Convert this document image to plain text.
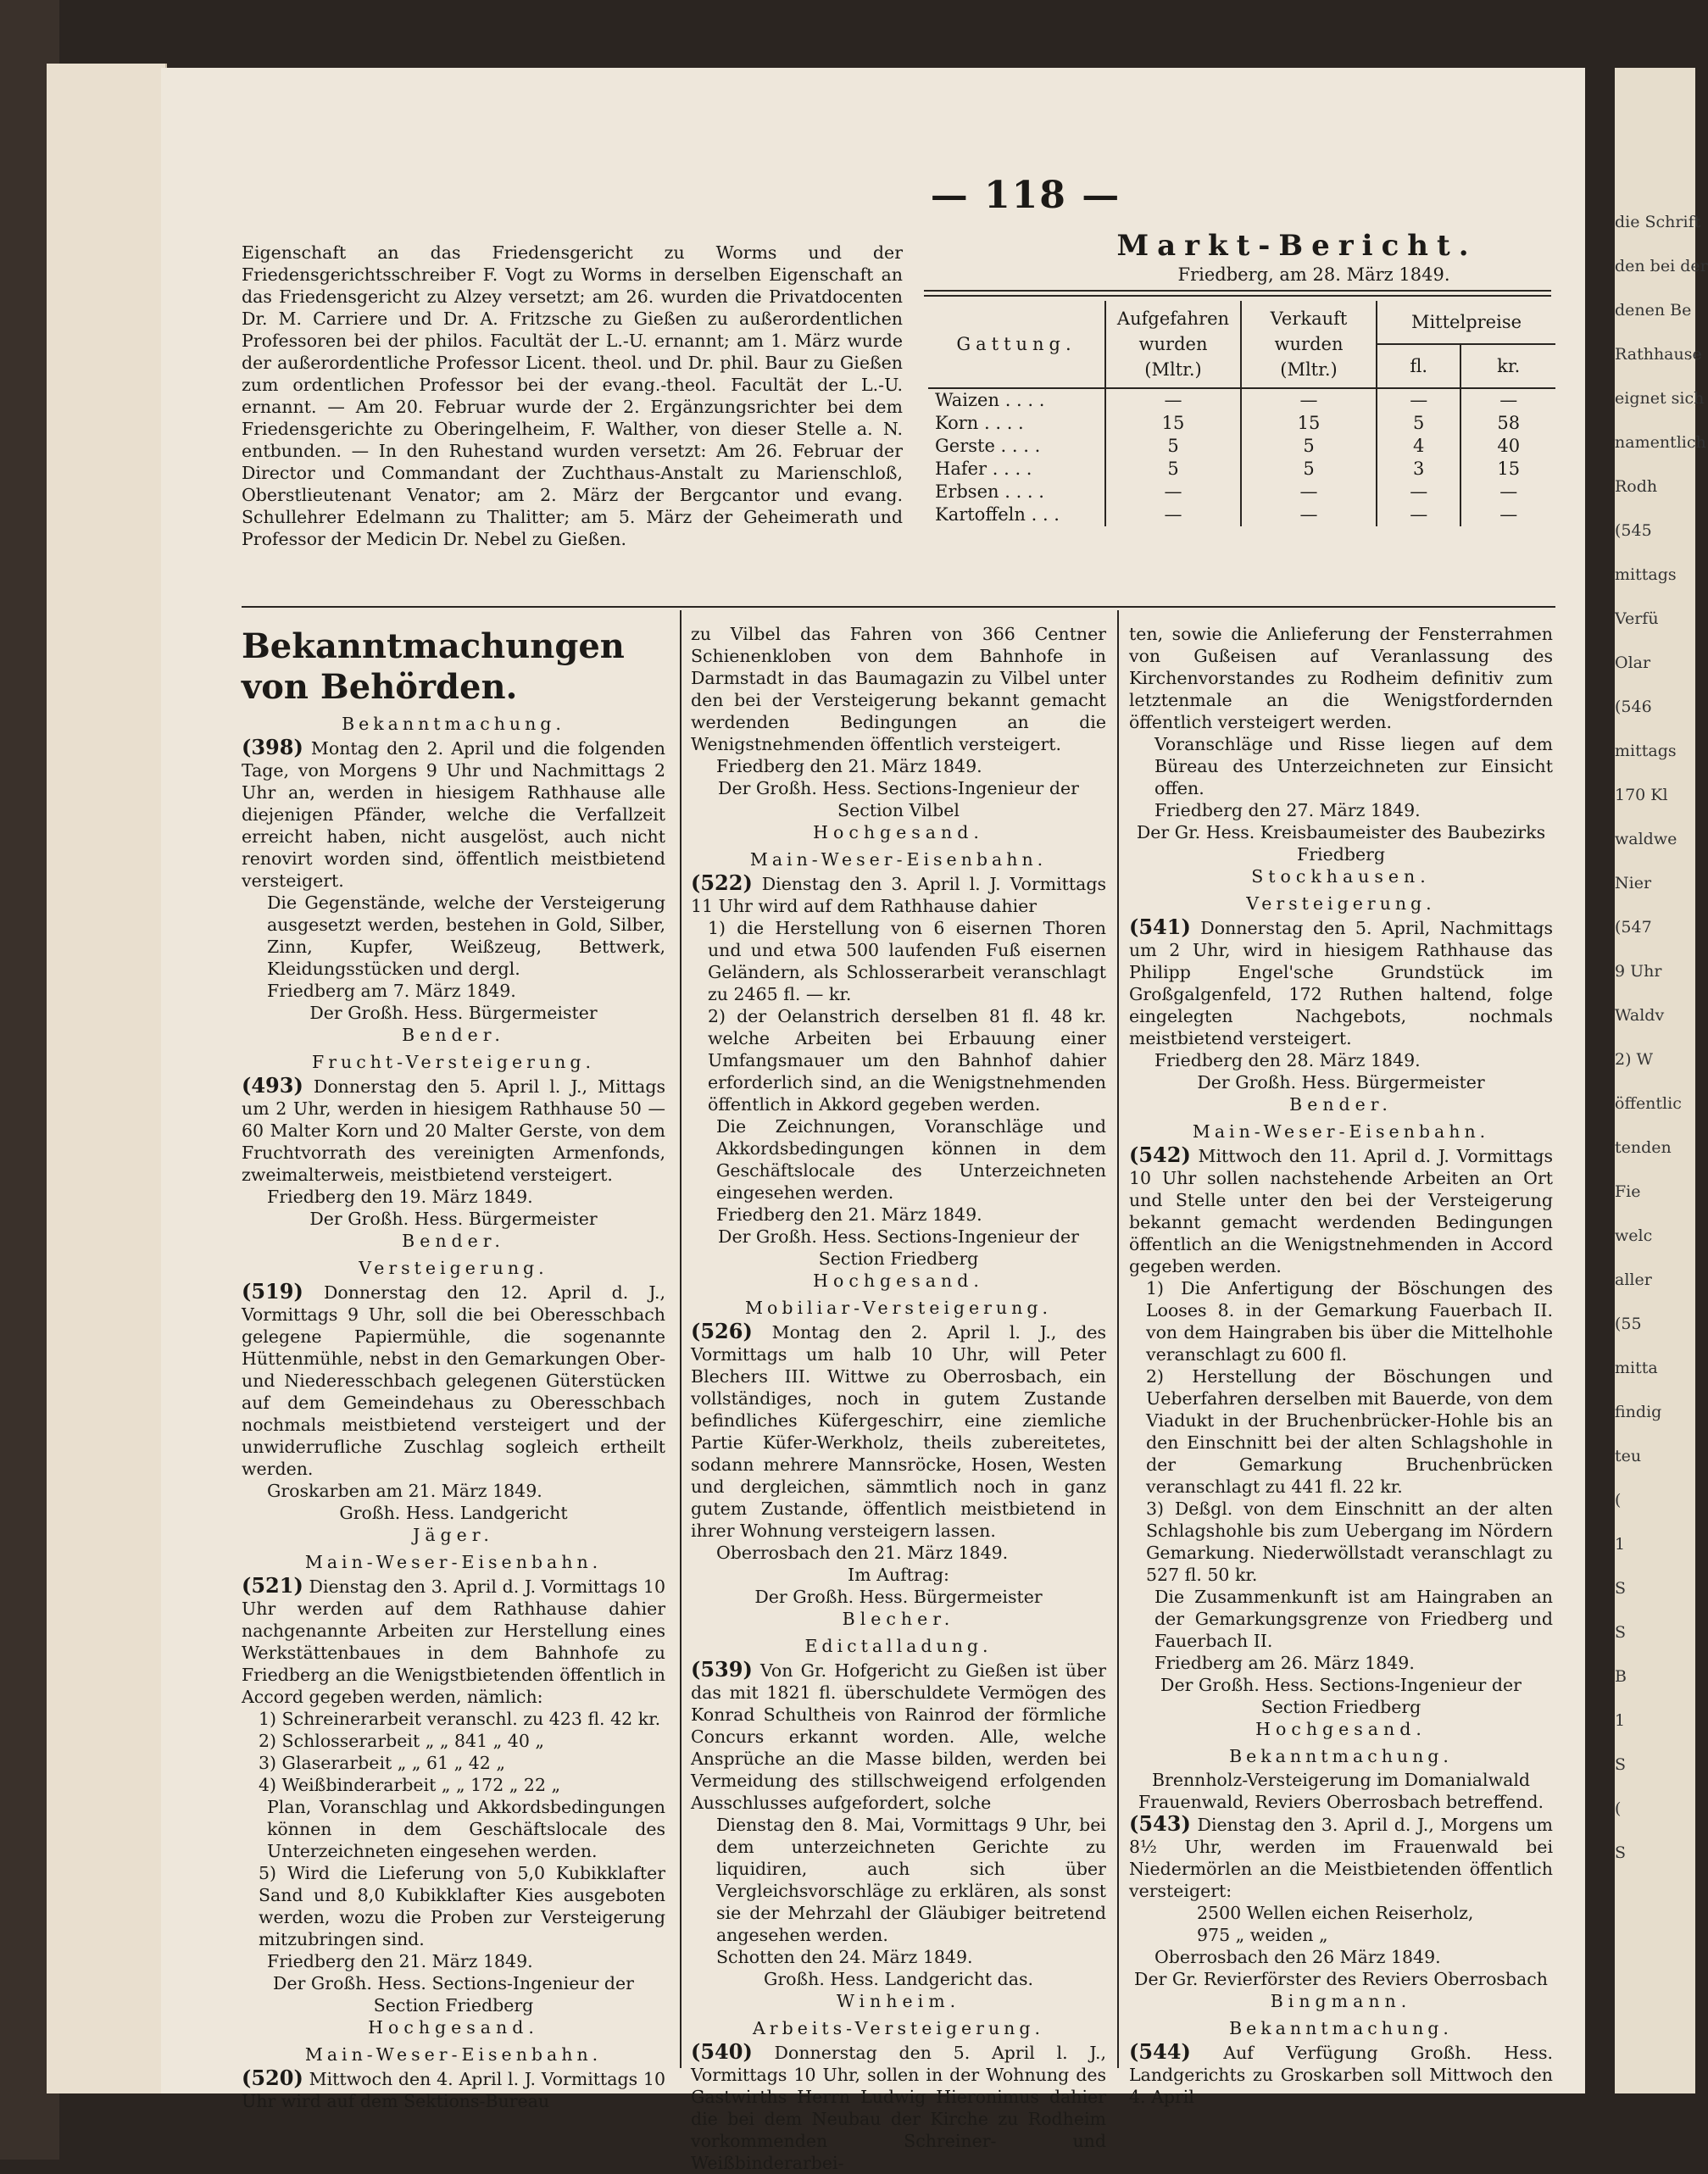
— 118 —
Eigenschaft an das Friedensgericht zu Worms und der Friedensgerichtsschreiber F. Vogt zu Worms in derselben Eigenschaft an das Friedensgericht zu Alzey versetzt; am 26. wurden die Privatdocenten Dr. M. Carriere und Dr. A. Fritzsche zu Gießen zu außerordentlichen Professoren bei der philos. Facultät der L.-U. ernannt; am 1. März wurde der außerordentliche Professor Licent. theol. und Dr. phil. Baur zu Gießen zum ordentlichen Professor bei der evang.-theol. Facultät der L.-U. ernannt. — Am 20. Februar wurde der 2. Ergänzungsrichter bei dem Friedensgerichte zu Oberingelheim, F. Walther, von dieser Stelle a. N. entbunden. — In den Ruhestand wurden versetzt: Am 26. Februar der Director und Commandant der Zuchthaus-Anstalt zu Marienschloß, Oberstlieutenant Venator; am 2. März der Bergcantor und evang. Schullehrer Edelmann zu Thalitter; am 5. März der Geheimerath und Professor der Medicin Dr. Nebel zu Gießen.
Markt-Bericht.
Friedberg, am 28. März 1849.
Gattung.	Aufgefahren wurden (Mltr.)	Verkauft wurden (Mltr.)	Mittelpreise	
			fl.	kr.
Waizen . . . .	—	—	—	—
Korn . . . .	15	15	5	58
Gerste . . . .	5	5	4	40
Hafer . . . .	5	5	3	15
Erbsen . . . .	—	—	—	—
Kartoffeln . . .	—	—	—	—
Bekanntmachungen von Behörden.
Bekanntmachung.

(398) Montag den 2. April und die folgenden Tage, von Morgens 9 Uhr und Nachmittags 2 Uhr an, werden in hiesigem Rathhause alle diejenigen Pfänder, welche die Verfallzeit erreicht haben, nicht ausgelöst, auch nicht renovirt worden sind, öffentlich meistbietend versteigert.

Die Gegenstände, welche der Versteigerung ausgesetzt werden, bestehen in Gold, Silber, Zinn, Kupfer, Weißzeug, Bettwerk, Kleidungsstücken und dergl.

Friedberg am 7. März 1849.

Der Großh. Hess. Bürgermeister
Bender.
Frucht-Versteigerung.

(493) Donnerstag den 5. April l. J., Mittags um 2 Uhr, werden in hiesigem Rathhause 50 — 60 Malter Korn und 20 Malter Gerste, von dem Fruchtvorrath des vereinigten Armenfonds, zweimalterweis, meistbietend versteigert.

Friedberg den 19. März 1849.

Der Großh. Hess. Bürgermeister
Bender.
Versteigerung.

(519) Donnerstag den 12. April d. J., Vormittags 9 Uhr, soll die bei Oberesschbach gelegene Papiermühle, die sogenannte Hüttenmühle, nebst in den Gemarkungen Ober- und Niederesschbach gelegenen Güterstücken auf dem Gemeindehaus zu Oberesschbach nochmals meistbietend versteigert und der unwiderrufliche Zuschlag sogleich ertheilt werden.

Groskarben am 21. März 1849.

Großh. Hess. Landgericht
Jäger.
Main-Weser-Eisenbahn.

(521) Dienstag den 3. April d. J. Vormittags 10 Uhr werden auf dem Rathhause dahier nachgenannte Arbeiten zur Herstellung eines Werkstättenbaues in dem Bahnhofe zu Friedberg an die Wenigstbietenden öffentlich in Accord gegeben werden, nämlich:

1) Schreinerarbeit veranschl. zu 423 fl. 42 kr.
2) Schlosserarbeit „ „ 841 „ 40 „
3) Glaserarbeit „ „ 61 „ 42 „
4) Weißbinderarbeit „ „ 172 „ 22 „

Plan, Voranschlag und Akkordsbedingungen können in dem Geschäftslocale des Unterzeichneten eingesehen werden.

5) Wird die Lieferung von 5,0 Kubikklafter Sand und 8,0 Kubikklafter Kies ausgeboten werden, wozu die Proben zur Versteigerung mitzubringen sind.

Friedberg den 21. März 1849.

Der Großh. Hess. Sections-Ingenieur der Section Friedberg
Hochgesand.
Main-Weser-Eisenbahn.

(520) Mittwoch den 4. April l. J. Vormittags 10 Uhr wird auf dem Sektions-Bureau

zu Vilbel das Fahren von 366 Centner Schienenkloben von dem Bahnhofe in Darmstadt in das Baumagazin zu Vilbel unter den bei der Versteigerung bekannt gemacht werdenden Bedingungen an die Wenigstnehmenden öffentlich versteigert.

Friedberg den 21. März 1849.

Der Großh. Hess. Sections-Ingenieur der Section Vilbel
Hochgesand.
Main-Weser-Eisenbahn.

(522) Dienstag den 3. April l. J. Vormittags 11 Uhr wird auf dem Rathhause dahier

1) die Herstellung von 6 eisernen Thoren und und etwa 500 laufenden Fuß eisernen Geländern, als Schlosserarbeit veranschlagt zu 2465 fl. — kr.

2) der Oelanstrich derselben 81 fl. 48 kr. welche Arbeiten bei Erbauung einer Umfangsmauer um den Bahnhof dahier erforderlich sind, an die Wenigstnehmenden öffentlich in Akkord gegeben werden.

Die Zeichnungen, Voranschläge und Akkordsbedingungen können in dem Geschäftslocale des Unterzeichneten eingesehen werden.

Friedberg den 21. März 1849.

Der Großh. Hess. Sections-Ingenieur der Section Friedberg
Hochgesand.
Mobiliar-Versteigerung.

(526) Montag den 2. April l. J., des Vormittags um halb 10 Uhr, will Peter Blechers III. Wittwe zu Oberrosbach, ein vollständiges, noch in gutem Zustande befindliches Küfergeschirr, eine ziemliche Partie Küfer-Werkholz, theils zubereitetes, sodann mehrere Mannsröcke, Hosen, Westen und dergleichen, sämmtlich noch in ganz gutem Zustande, öffentlich meistbietend in ihrer Wohnung versteigern lassen.

Oberrosbach den 21. März 1849.

Im Auftrag:
Der Großh. Hess. Bürgermeister
Blecher.
Edictalladung.

(539) Von Gr. Hofgericht zu Gießen ist über das mit 1821 fl. überschuldete Vermögen des Konrad Schultheis von Rainrod der förmliche Concurs erkannt worden. Alle, welche Ansprüche an die Masse bilden, werden bei Vermeidung des stillschweigend erfolgenden Ausschlusses aufgefordert, solche

Dienstag den 8. Mai, Vormittags 9 Uhr, bei dem unterzeichneten Gerichte zu liquidiren, auch sich über Vergleichsvorschläge zu erklären, als sonst sie der Mehrzahl der Gläubiger beitretend angesehen werden.

Schotten den 24. März 1849.

Großh. Hess. Landgericht das.
Winheim.
Arbeits-Versteigerung.

(540) Donnerstag den 5. April l. J., Vormittags 10 Uhr, sollen in der Wohnung des Gastwirths Herrn Ludwig Hieronimus dahier die bei dem Neubau der Kirche zu Rodheim vorkommenden Schreiner- und Weißbinderarbei-

ten, sowie die Anlieferung der Fensterrahmen von Gußeisen auf Veranlassung des Kirchenvorstandes zu Rodheim definitiv zum letztenmale an die Wenigstfordernden öffentlich versteigert werden.

Voranschläge und Risse liegen auf dem Büreau des Unterzeichneten zur Einsicht offen.

Friedberg den 27. März 1849.

Der Gr. Hess. Kreisbaumeister des Baubezirks Friedberg
Stockhausen.
Versteigerung.

(541) Donnerstag den 5. April, Nachmittags um 2 Uhr, wird in hiesigem Rathhause das Philipp Engel'sche Grundstück im Großgalgenfeld, 172 Ruthen haltend, folge eingelegten Nachgebots, nochmals meistbietend versteigert.

Friedberg den 28. März 1849.

Der Großh. Hess. Bürgermeister
Bender.
Main-Weser-Eisenbahn.

(542) Mittwoch den 11. April d. J. Vormittags 10 Uhr sollen nachstehende Arbeiten an Ort und Stelle unter den bei der Versteigerung bekannt gemacht werdenden Bedingungen öffentlich an die Wenigstnehmenden in Accord gegeben werden.

1) Die Anfertigung der Böschungen des Looses 8. in der Gemarkung Fauerbach II. von dem Haingraben bis über die Mittelhohle veranschlagt zu 600 fl.

2) Herstellung der Böschungen und Ueberfahren derselben mit Bauerde, von dem Viadukt in der Bruchenbrücker-Hohle bis an den Einschnitt bei der alten Schlagshohle in der Gemarkung Bruchenbrücken veranschlagt zu 441 fl. 22 kr.

3) Deßgl. von dem Einschnitt an der alten Schlagshohle bis zum Uebergang im Nördern Gemarkung. Niederwöllstadt veranschlagt zu 527 fl. 50 kr.

Die Zusammenkunft ist am Haingraben an der Gemarkungsgrenze von Friedberg und Fauerbach II.

Friedberg am 26. März 1849.

Der Großh. Hess. Sections-Ingenieur der Section Friedberg
Hochgesand.
Bekanntmachung.

Brennholz-Versteigerung im Domanialwald Frauenwald, Reviers Oberrosbach betreffend.

(543) Dienstag den 3. April d. J., Morgens um 8½ Uhr, werden im Frauenwald bei Niedermörlen an die Meistbietenden öffentlich versteigert:

2500 Wellen eichen Reiserholz,
975 „ weiden „

Oberrosbach den 26 März 1849.

Der Gr. Revierförster des Reviers Oberrosbach
Bingmann.
Bekanntmachung.

(544) Auf Verfügung Großh. Hess. Landgerichts zu Groskarben soll Mittwoch den 4. April

die Schrift
den bei der
denen Be
Rathhause
eignet sich
namentlich
Rodh
(545
mittags
Verfü
Olar
(546
mittags
170 Kl
waldwe
Nier
(547
9 Uhr
Waldv
2) W
öffentlic
tenden
Fie
welc
aller
(55
mitta
findig
teu
(
1
S
S
B
1
S
(
S
